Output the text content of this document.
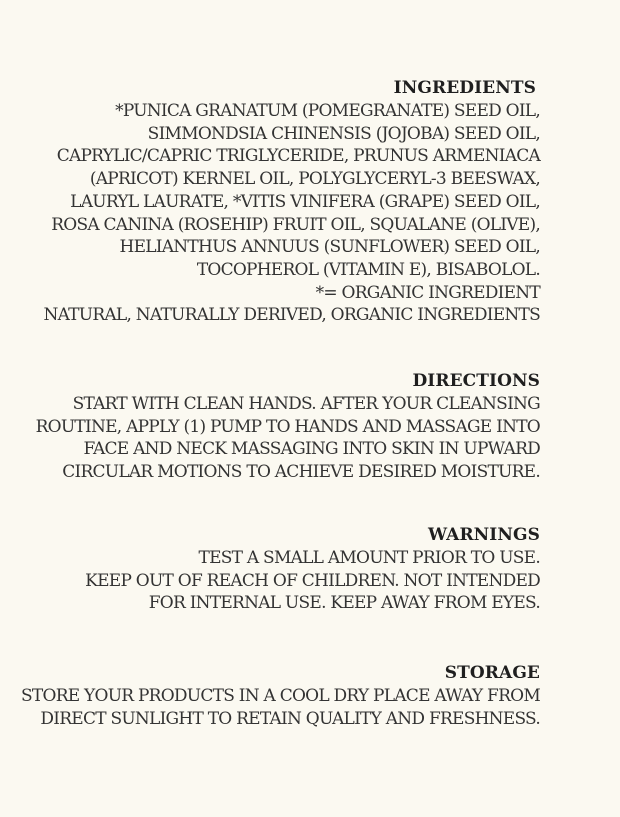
INGREDIENTS
*PUNICA GRANATUM (POMEGRANATE) SEED OIL,
SIMMONDSIA CHINENSIS (JOJOBA) SEED OIL,
CAPRYLIC/CAPRIC TRIGLYCERIDE, PRUNUS ARMENIACA
(APRICOT) KERNEL OIL, POLYGLYCERYL-3 BEESWAX,
LAURYL LAURATE, *VITIS VINIFERA (GRAPE) SEED OIL,
ROSA CANINA (ROSEHIP) FRUIT OIL, SQUALANE (OLIVE),
HELIANTHUS ANNUUS (SUNFLOWER) SEED OIL,
TOCOPHEROL (VITAMIN E), BISABOLOL.
*= ORGANIC INGREDIENT
NATURAL, NATURALLY DERIVED, ORGANIC INGREDIENTS
DIRECTIONS
START WITH CLEAN HANDS. AFTER YOUR CLEANSING
ROUTINE, APPLY (1) PUMP TO HANDS AND MASSAGE INTO
FACE AND NECK MASSAGING INTO SKIN IN UPWARD
CIRCULAR MOTIONS TO ACHIEVE DESIRED MOISTURE.
WARNINGS
TEST A SMALL AMOUNT PRIOR TO USE.
KEEP OUT OF REACH OF CHILDREN. NOT INTENDED
FOR INTERNAL USE. KEEP AWAY FROM EYES.
STORAGE
STORE YOUR PRODUCTS IN A COOL DRY PLACE AWAY FROM
DIRECT SUNLIGHT TO RETAIN QUALITY AND FRESHNESS.
